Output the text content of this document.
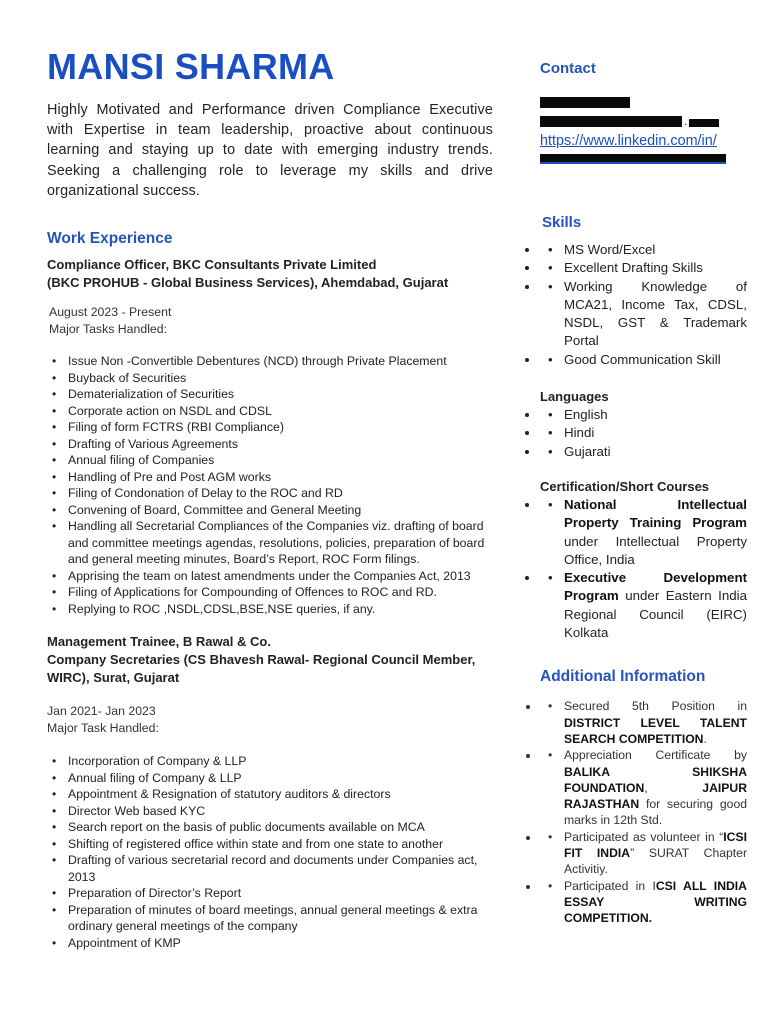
MANSI SHARMA

Highly Motivated and Performance driven Compliance Executive with Expertise in team leadership, proactive about continuous learning and staying up to date with emerging industry trends. Seeking a challenging role to leverage my skills and drive organizational success.

Work Experience
Compliance Officer, BKC Consultants Private Limited
(BKC PROHUB - Global Business Services), Ahemdabad, Gujarat
August 2023 - Present
Major Tasks Handled:
• Issue Non -Convertible Debentures (NCD) through Private Placement
• Buyback of Securities
• Dematerialization of Securities
• Corporate action on NSDL and CDSL
• Filing of form FCTRS (RBI Compliance)
• Drafting of Various Agreements
• Annual filing of Companies
• Handling of Pre and Post AGM works
• Filing of Condonation of Delay to the ROC and RD
• Convening of Board, Committee and General Meeting
• Handling all Secretarial Compliances of the Companies viz. drafting of board and committee meetings agendas, resolutions, policies, preparation of board and general meeting minutes, Board’s Report, ROC Form filings.
• Apprising the team on latest amendments under the Companies Act, 2013
• Filing of Applications for Compounding of Offences to ROC and RD.
• Replying to ROC ,NSDL,CDSL,BSE,NSE queries, if any.
Management Trainee, B Rawal & Co.
Company Secretaries (CS Bhavesh Rawal- Regional Council Member, WIRC), Surat, Gujarat
Jan 2021- Jan 2023
Major Task Handled:
• Incorporation of Company & LLP
• Annual filing of Company & LLP
• Appointment & Resignation of statutory auditors & directors
• Director Web based KYC
• Search report on the basis of public documents available on MCA
• Shifting of registered office within state and from one state to another
• Drafting of various secretarial record and documents under Companies act, 2013
• Preparation of Director’s Report
• Preparation of minutes of board meetings, annual general meetings & extra ordinary general meetings of the company
• Appointment of KMP
Contact
.
https://www.linkedin.com/in/
Skills
• • MS Word/Excel
• • Excellent Drafting Skills
• • Working Knowledge of MCA21, Income Tax, CDSL, NSDL, GST & Trademark Portal
• • Good Communication Skill
Languages
• • English
• • Hindi
• • Gujarati
Certification/Short Courses
• • National Intellectual Property Training Program under Intellectual Property Office, India
• • Executive Development Program under Eastern India Regional Council (EIRC) Kolkata
Additional Information
• • Secured 5th Position in DISTRICT LEVEL TALENT SEARCH COMPETITION.
• • Appreciation Certificate by BALIKA SHIKSHA FOUNDATION, JAIPUR RAJASTHAN for securing good marks in 12th Std.
• • Participated as volunteer in “ICSI FIT INDIA” SURAT Chapter Activitiy.
• • Participated in ICSI ALL INDIA ESSAY WRITING COMPETITION.
